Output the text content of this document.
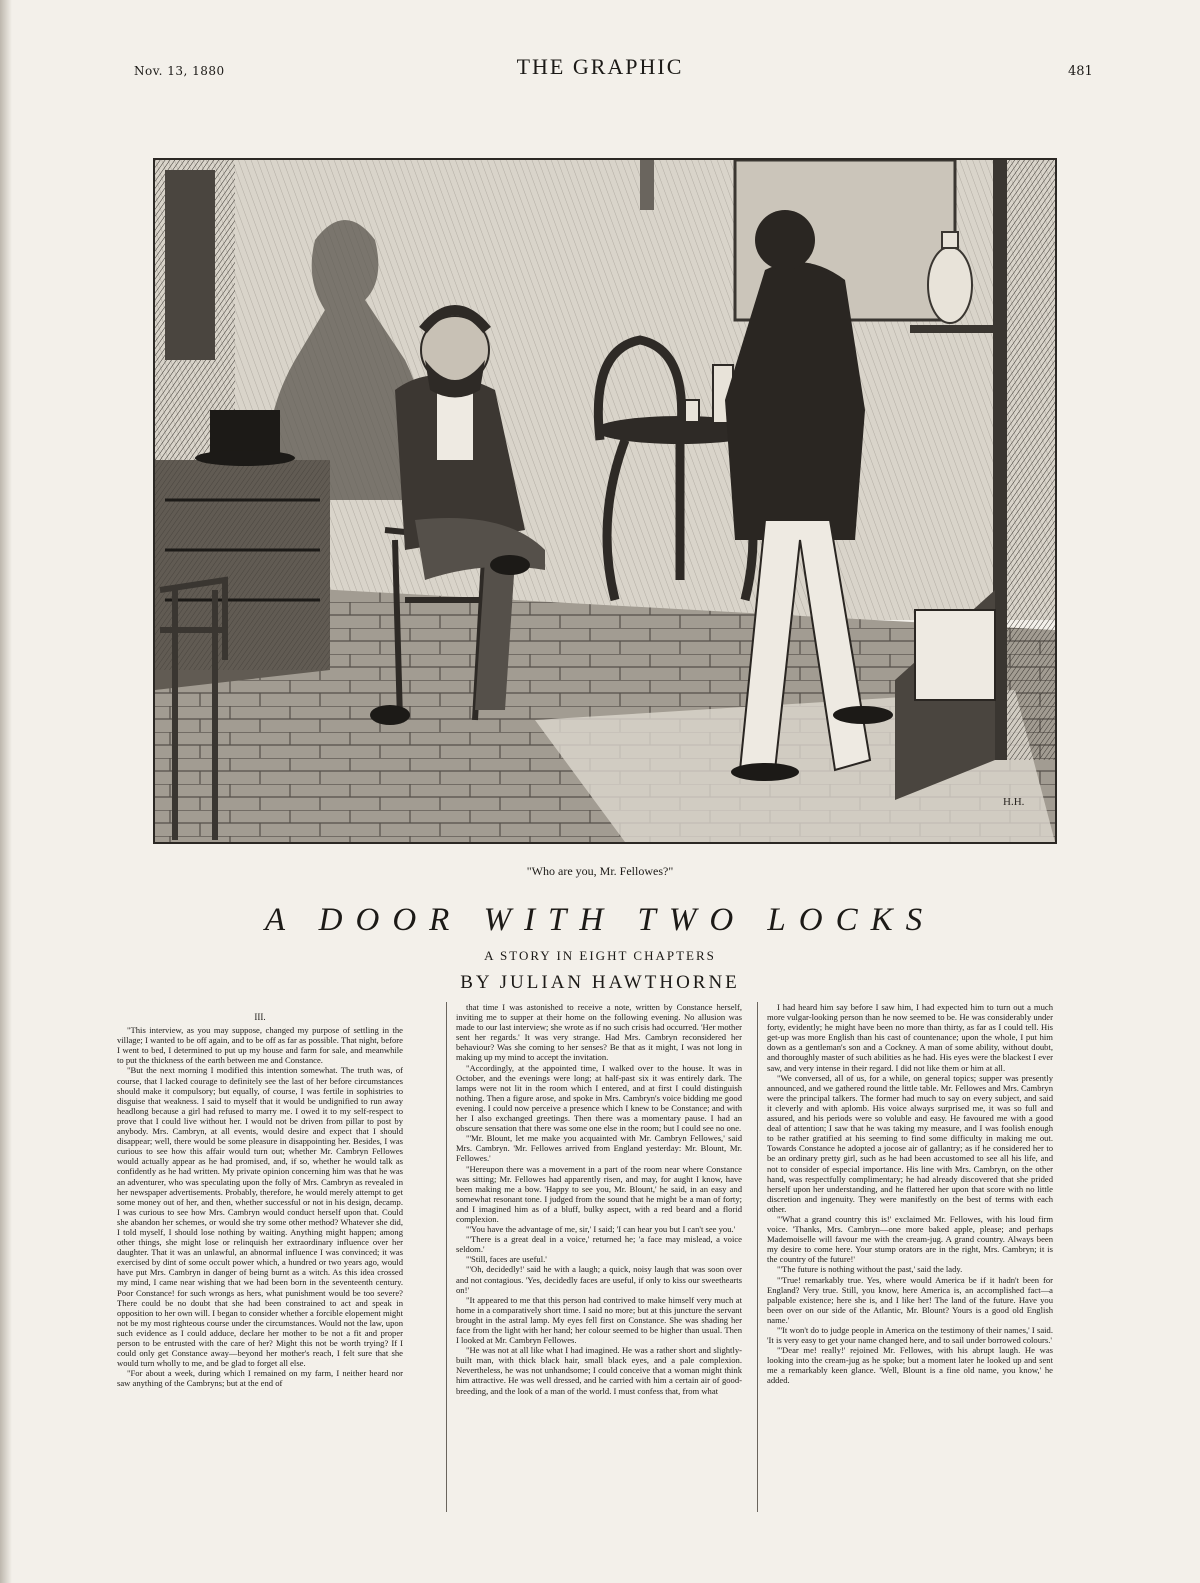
Nov. 13, 1880	THE GRAPHIC	481
H.H.
"Who are you, Mr. Fellowes?"
A DOOR WITH TWO LOCKS
A STORY IN EIGHT CHAPTERS
BY JULIAN HAWTHORNE
III.

"This interview, as you may suppose, changed my purpose of settling in the village; I wanted to be off again, and to be off as far as possible. That night, before I went to bed, I determined to put up my house and farm for sale, and meanwhile to put the thickness of the earth between me and Constance.

"But the next morning I modified this intention somewhat. The truth was, of course, that I lacked courage to definitely see the last of her before circumstances should make it compulsory; but equally, of course, I was fertile in sophistries to disguise that weakness. I said to myself that it would be undignified to run away headlong because a girl had refused to marry me. I owed it to my self-respect to prove that I could live without her. I would not be driven from pillar to post by anybody. Mrs. Cambryn, at all events, would desire and expect that I should disappear; well, there would be some pleasure in disappointing her. Besides, I was curious to see how this affair would turn out; whether Mr. Cambryn Fellowes would actually appear as he had promised, and, if so, whether he would talk as confidently as he had written. My private opinion concerning him was that he was an adventurer, who was speculating upon the folly of Mrs. Cambryn as revealed in her newspaper advertisements. Probably, therefore, he would merely attempt to get some money out of her, and then, whether successful or not in his design, decamp. I was curious to see how Mrs. Cambryn would conduct herself upon that. Could she abandon her schemes, or would she try some other method? Whatever she did, I told myself, I should lose nothing by waiting. Anything might happen; among other things, she might lose or relinquish her extraordinary influence over her daughter. That it was an unlawful, an abnormal influence I was convinced; it was exercised by dint of some occult power which, a hundred or two years ago, would have put Mrs. Cambryn in danger of being burnt as a witch. As this idea crossed my mind, I came near wishing that we had been born in the seventeenth century. Poor Constance! for such wrongs as hers, what punishment would be too severe? There could be no doubt that she had been constrained to act and speak in opposition to her own will. I began to consider whether a forcible elopement might not be my most righteous course under the circumstances. Would not the law, upon such evidence as I could adduce, declare her mother to be not a fit and proper person to be entrusted with the care of her? Might this not be worth trying? If I could only get Constance away—beyond her mother's reach, I felt sure that she would turn wholly to me, and be glad to forget all else.

"For about a week, during which I remained on my farm, I neither heard nor saw anything of the Cambryns; but at the end of

that time I was astonished to receive a note, written by Constance herself, inviting me to supper at their home on the following evening. No allusion was made to our last interview; she wrote as if no such crisis had occurred. 'Her mother sent her regards.' It was very strange. Had Mrs. Cambryn reconsidered her behaviour? Was she coming to her senses? Be that as it might, I was not long in making up my mind to accept the invitation.

"Accordingly, at the appointed time, I walked over to the house. It was in October, and the evenings were long; at half-past six it was entirely dark. The lamps were not lit in the room which I entered, and at first I could distinguish nothing. Then a figure arose, and spoke in Mrs. Cambryn's voice bidding me good evening. I could now perceive a presence which I knew to be Constance; and with her I also exchanged greetings. Then there was a momentary pause. I had an obscure sensation that there was some one else in the room; but I could see no one.

"'Mr. Blount, let me make you acquainted with Mr. Cambryn Fellowes,' said Mrs. Cambryn. 'Mr. Fellowes arrived from England yesterday: Mr. Blount, Mr. Fellowes.'

"Hereupon there was a movement in a part of the room near where Constance was sitting; Mr. Fellowes had apparently risen, and may, for aught I know, have been making me a bow. 'Happy to see you, Mr. Blount,' he said, in an easy and somewhat resonant tone. I judged from the sound that he might be a man of forty; and I imagined him as of a bluff, bulky aspect, with a red beard and a florid complexion.

"'You have the advantage of me, sir,' I said; 'I can hear you but I can't see you.'

"'There is a great deal in a voice,' returned he; 'a face may mislead, a voice seldom.'

"'Still, faces are useful.'

"'Oh, decidedly!' said he with a laugh; a quick, noisy laugh that was soon over and not contagious. 'Yes, decidedly faces are useful, if only to kiss our sweethearts on!'

"It appeared to me that this person had contrived to make himself very much at home in a comparatively short time. I said no more; but at this juncture the servant brought in the astral lamp. My eyes fell first on Constance. She was shading her face from the light with her hand; her colour seemed to be higher than usual. Then I looked at Mr. Cambryn Fellowes.

"He was not at all like what I had imagined. He was a rather short and slightly-built man, with thick black hair, small black eyes, and a pale complexion. Nevertheless, he was not unhandsome; I could conceive that a woman might think him attractive. He was well dressed, and he carried with him a certain air of good-breeding, and the look of a man of the world. I must confess that, from what

I had heard him say before I saw him, I had expected him to turn out a much more vulgar-looking person than he now seemed to be. He was considerably under forty, evidently; he might have been no more than thirty, as far as I could tell. His get-up was more English than his cast of countenance; upon the whole, I put him down as a gentleman's son and a Cockney. A man of some ability, without doubt, and thoroughly master of such abilities as he had. His eyes were the blackest I ever saw, and very intense in their regard. I did not like them or him at all.

"We conversed, all of us, for a while, on general topics; supper was presently announced, and we gathered round the little table. Mr. Fellowes and Mrs. Cambryn were the principal talkers. The former had much to say on every subject, and said it cleverly and with aplomb. His voice always surprised me, it was so full and assured, and his periods were so voluble and easy. He favoured me with a good deal of attention; I saw that he was taking my measure, and I was foolish enough to be rather gratified at his seeming to find some difficulty in making me out. Towards Constance he adopted a jocose air of gallantry; as if he considered her to be an ordinary pretty girl, such as he had been accustomed to see all his life, and not to consider of especial importance. His line with Mrs. Cambryn, on the other hand, was respectfully complimentary; he had already discovered that she prided herself upon her understanding, and he flattered her upon that score with no little discretion and ingenuity. They were manifestly on the best of terms with each other.

"'What a grand country this is!' exclaimed Mr. Fellowes, with his loud firm voice. 'Thanks, Mrs. Cambryn—one more baked apple, please; and perhaps Mademoiselle will favour me with the cream-jug. A grand country. Always been my desire to come here. Your stump orators are in the right, Mrs. Cambryn; it is the country of the future!'

"'The future is nothing without the past,' said the lady.

"'True! remarkably true. Yes, where would America be if it hadn't been for England? Very true. Still, you know, here America is, an accomplished fact—a palpable existence; here she is, and I like her! The land of the future. Have you been over on our side of the Atlantic, Mr. Blount? Yours is a good old English name.'

"'It won't do to judge people in America on the testimony of their names,' I said. 'It is very easy to get your name changed here, and to sail under borrowed colours.'

"'Dear me! really!' rejoined Mr. Fellowes, with his abrupt laugh. He was looking into the cream-jug as he spoke; but a moment later he looked up and sent me a remarkably keen glance. 'Well, Blount is a fine old name, you know,' he added.
